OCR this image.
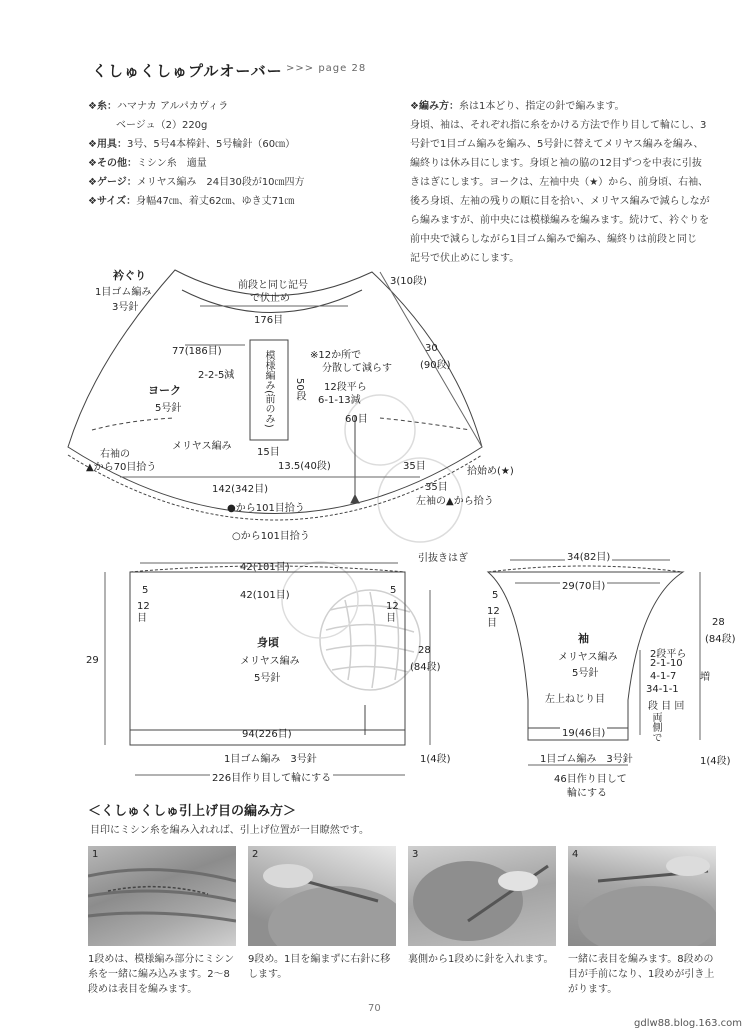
くしゅくしゅプルオーバー >>> page 28
❖糸：ハマナカ アルパカヴィラ
ベージュ（2）220g
❖用具：3号、5号4本棒針、5号輪針（60㎝）
❖その他：ミシン糸　適量
❖ゲージ：メリヤス編み　24目30段が10㎝四方
❖サイズ：身幅47㎝、着丈62㎝、ゆき丈71㎝
❖編み方：糸は1本どり、指定の針で編みます。
身頃、袖は、それぞれ指に糸をかける方法で作り目して輪にし、3
号針で1目ゴム編みを編み、5号針に替えてメリヤス編みを編み、
編終りは休み目にします。身頃と袖の脇の12目ずつを中表に引抜
きはぎにします。ヨークは、左袖中央（★）から、前身頃、右袖、
後ろ身頃、左袖の残りの順に目を拾い、メリヤス編みで減らしなが
ら編みますが、前中央には模様編みを編みます。続けて、衿ぐりを
前中央で減らしながら1目ゴム編みで編み、編終りは前段と同じ
記号で伏止めにします。
衿ぐり
1目ゴム編み
3号針
前段と同じ記号
で伏止め
3(10段)
176目
77(186目)
2-2-5減	模様編み(前のみ) 50段
※12か所で
分散して減らす
12段平ら
6-1-13減
60目
30
(90段)
ヨーク
5号針
メリヤス編み
15目
13.5(40段)	35目
35目
右袖の
▲から70目拾う	拾始め(★)
142(342目)
左袖の▲から拾う
●から101目拾う
○から101目拾う
42(101目)
42(101目)
5
12目
5
12目
29
28
(84段)
身頃
メリヤス編み
5号針
94(226目)
1目ゴム編み　3号針	1(4段)
226目作り目して輪にする
引抜きはぎ	34(82目)
29(70目)
5
12目
袖
メリヤス編み
5号針
左上ねじり目
2段平ら
2-1-10
4-1-7
34-1-1
段 目 回
増
両側で
19(46目)
1目ゴム編み　3号針
28
(84段)
1(4段)
46目作り目して
輪にする
＜くしゅくしゅ引上げ目の編み方＞
目印にミシン糸を編み入れれば、引上げ位置が一目瞭然です。
1	2	3	4
1段めは、模様編み部分にミシン糸を一緒に編み込みます。2〜8段めは表目を編みます。
9段め。1目を編まずに右針に移します。
裏側から1段めに針を入れます。	一緒に表目を編みます。8段めの目が手前になり、1段めが引き上がります。
70
gdlw88.blog.163.com
